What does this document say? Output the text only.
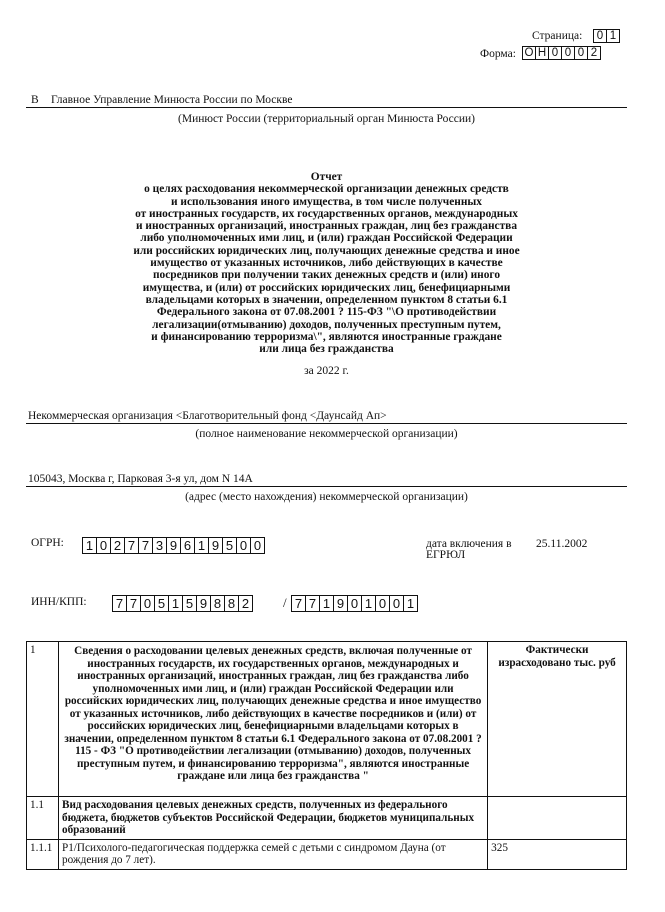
Страница:	0 1
Форма: О Н 0 0 0 2
В Главное Управление Минюста России по Москве
(Минюст России (территориальный орган Минюста России)
Отчет
о целях расходования некоммерческой организации денежных средств
и использования иного имущества, в том числе полученных
от иностранных государств, их государственных органов, международных
и иностранных организаций, иностранных граждан, лиц без гражданства
либо уполномоченных ими лиц, и (или) граждан Российской Федерации
или российских юридических лиц, получающих денежные средства и иное
имущество от указанных источников, либо действующих в качестве
посредников при получении таких денежных средств и (или) иного
имущества, и (или) от российских юридических лиц, бенефициарными
владельцами которых в значении, определенном пунктом 8 статьи 6.1
Федерального закона от 07.08.2001 ? 115-ФЗ "\О противодействии
легализации(отмыванию) доходов, полученных преступным путем,
и финансированию терроризма\", являются иностранные граждане
или лица без гражданства
за 2022 г.
Некоммерческая организация <Благотворительный фонд <Даунсайд Ап>
(полное наименование некоммерческой организации)
105043, Москва г, Парковая 3-я ул, дом N 14А
(адрес (место нахождения) некоммерческой организации)
ОГРН: 1 0 2 7 7 3 9 6 1 9 5 0 0	дата включения в
ЕГРЮЛ
25.11.2002
ИНН/КПП: 7 7 0 5 1 5 9 8 8 2	/ 7 7 1 9 0 1 0 0 1
1	Сведения о расходовании целевых денежных средств, включая полученные от иностранных государств, их государственных органов, международных и иностранных организаций, иностранных граждан, лиц без гражданства либо уполномоченных ими лиц, и (или) граждан Российской Федерации или российских юридических лиц, получающих денежные средства и иное имущество от указанных источников, либо действующих в качестве посредников и (или) от российских юридических лиц, бенефициарными владельцами которых в значении, определенном пунктом 8 статьи 6.1 Федерального закона от 07.08.2001 ? 115 - ФЗ "О противодействии легализации (отмыванию) доходов, полученных преступным путем, и финансированию терроризма", являются иностранные граждане или лица без гражданства "	Фактически израсходовано тыс. руб
1.1	Вид расходования целевых денежных средств, полученных из федерального бюджета, бюджетов субъектов Российской Федерации, бюджетов муниципальных образований	
1.1.1	Р1/Психолого-педагогическая поддержка семей с детьми с синдромом Дауна (от рождения до 7 лет).	325
